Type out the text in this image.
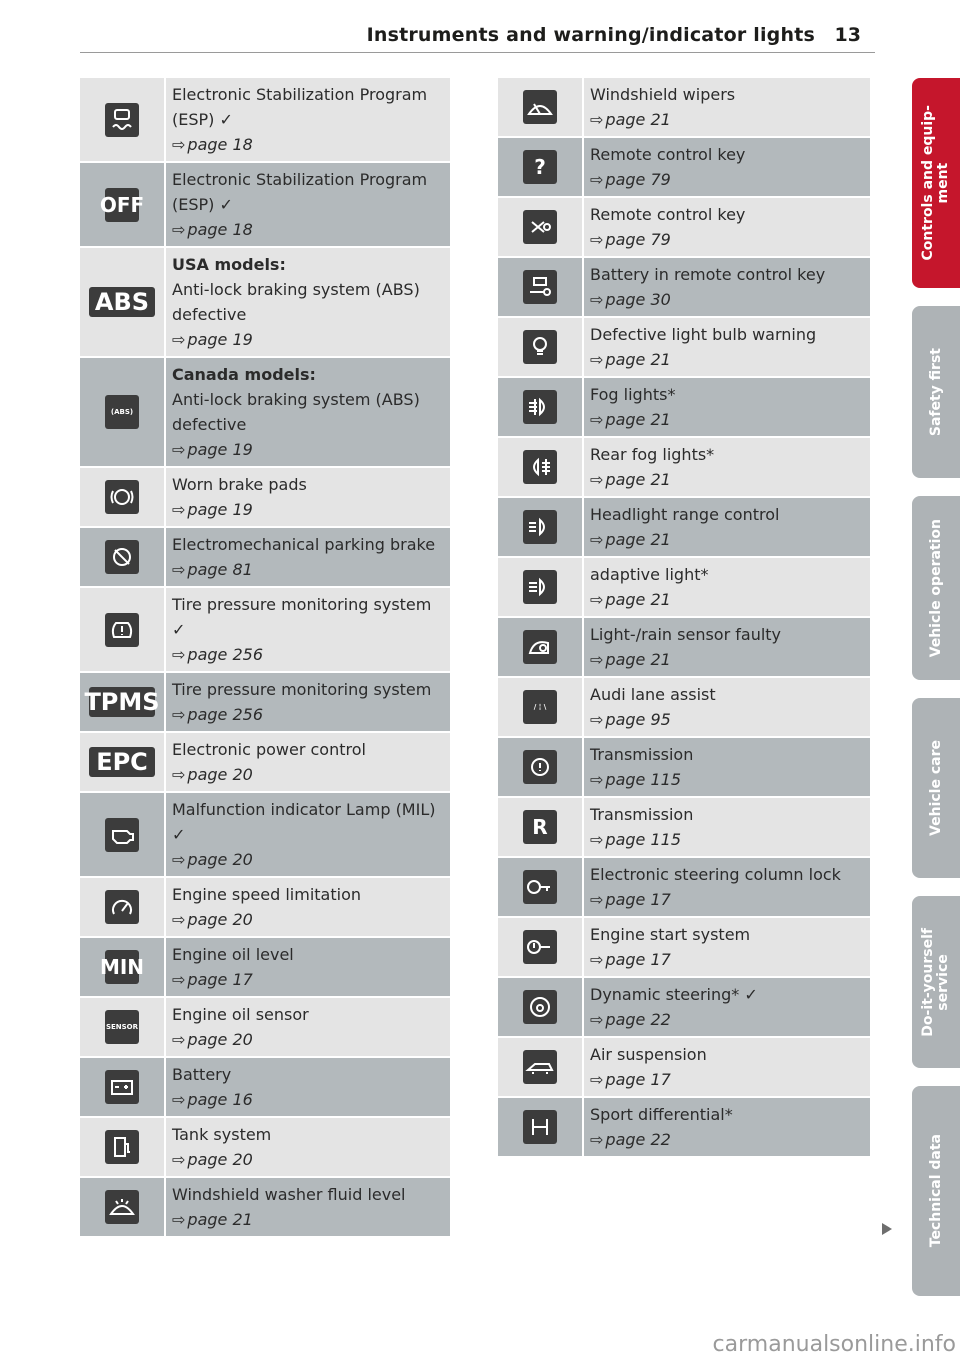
Instruments and warning/indicator lights 13
Electronic Stabilization Program (ESP) ✓
⇨ page 18
OFF
Electronic Stabilization Program (ESP) ✓
⇨ page 18
ABS
USA models:
Anti-lock braking system (ABS) defective
⇨ page 19
(ABS)
Canada models:
Anti-lock braking system (ABS) defective
⇨ page 19
Worn brake pads
⇨ page 19
Electromechanical parking brake
⇨ page 81
Tire pressure monitoring system ✓
⇨ page 256
TPMS Tire pressure monitoring system
⇨ page 256
EPC	Electronic power control
⇨ page 20
Malfunction indicator Lamp (MIL) ✓
⇨ page 20
Engine speed limitation
⇨ page 20
MIN
Engine oil level
⇨ page 17
SENSOR
Engine oil sensor
⇨ page 20
Battery
⇨ page 16
Tank system
⇨ page 20
Windshield washer fluid level
⇨ page 21
Windshield wipers
⇨ page 21
?
Remote control key
⇨ page 79
Remote control key
⇨ page 79
Battery in remote control key
⇨ page 30
Defective light bulb warning
⇨ page 21
Fog lights*
⇨ page 21
Rear fog lights*
⇨ page 21
Headlight range control
⇨ page 21
adaptive light*
⇨ page 21
Light-/rain sensor faulty
⇨ page 21
/ ¦ \
Audi lane assist
⇨ page 95
Transmission
⇨ page 115
R
Transmission
⇨ page 115
Electronic steering column lock
⇨ page 17
Engine start system
⇨ page 17
Dynamic steering* ✓
⇨ page 22
Air suspension
⇨ page 17
Sport differential*
⇨ page 22
Controls and equip-
ment
Safety first
Vehicle operation
Vehicle care
Do-it-yourself
service
Technical data
carmanualsonline.info
